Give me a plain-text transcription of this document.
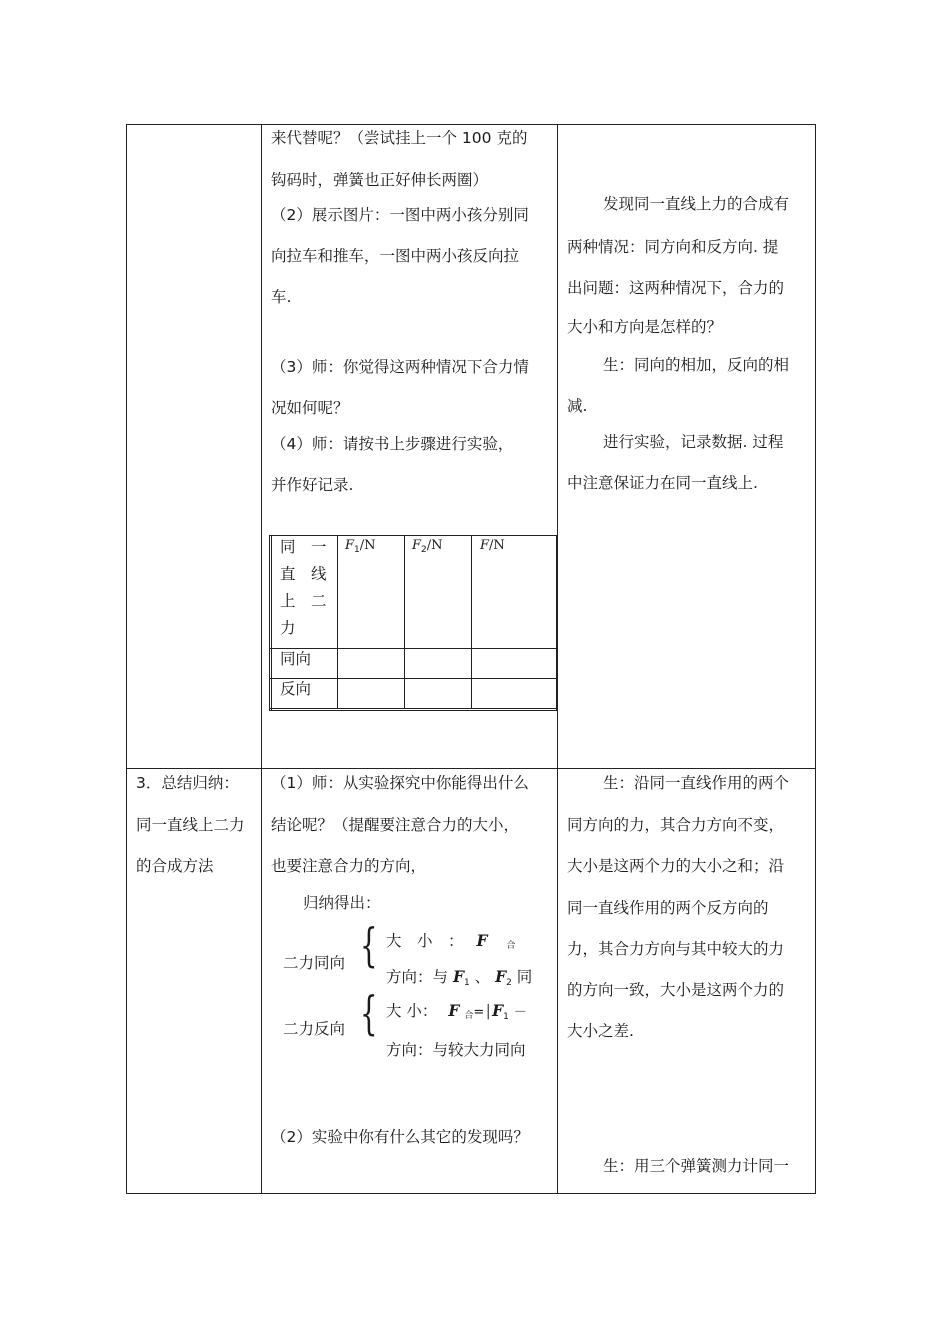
来代替呢？（尝试挂上一个 100 克的
钩码时，弹簧也正好伸长两圈）
（2）展示图片：一图中两小孩分别同
向拉车和推车，一图中两小孩反向拉
车.
（3）师：你觉得这两种情况下合力情
况如何呢？
（4）师：请按书上步骤进行实验，
并作好记录.
同　一
直　线
上　二
力
$F_1/N$	$F_2/N$	F/N
同向
反向
发现同一直线上力的合成有
两种情况：同方向和反方向. 提
出问题：这两种情况下，合力的
大小和方向是怎样的？
生：同向的相加，反向的相
减.
进行实验，记录数据. 过程
中注意保证力在同一直线上.
3．总结归纳：
同一直线上二力
的合成方法
（1）师：从实验探究中你能得出什么
结论呢？（提醒要注意合力的大小，
也要注意合力的方向，
归纳得出：
二力同向 { 大　小　： F 合
方向：与 $F_1$ 、 $F_2$ 同
二力反向 { 大 小： F 合$=│F_1$ －
方向：与较大力同向
（2）实验中你有什么其它的发现吗？
生：沿同一直线作用的两个
同方向的力，其合力方向不变，
大小是这两个力的大小之和；沿
同一直线作用的两个反方向的
力，其合力方向与其中较大的力
的方向一致，大小是这两个力的
大小之差.
生：用三个弹簧测力计同一
